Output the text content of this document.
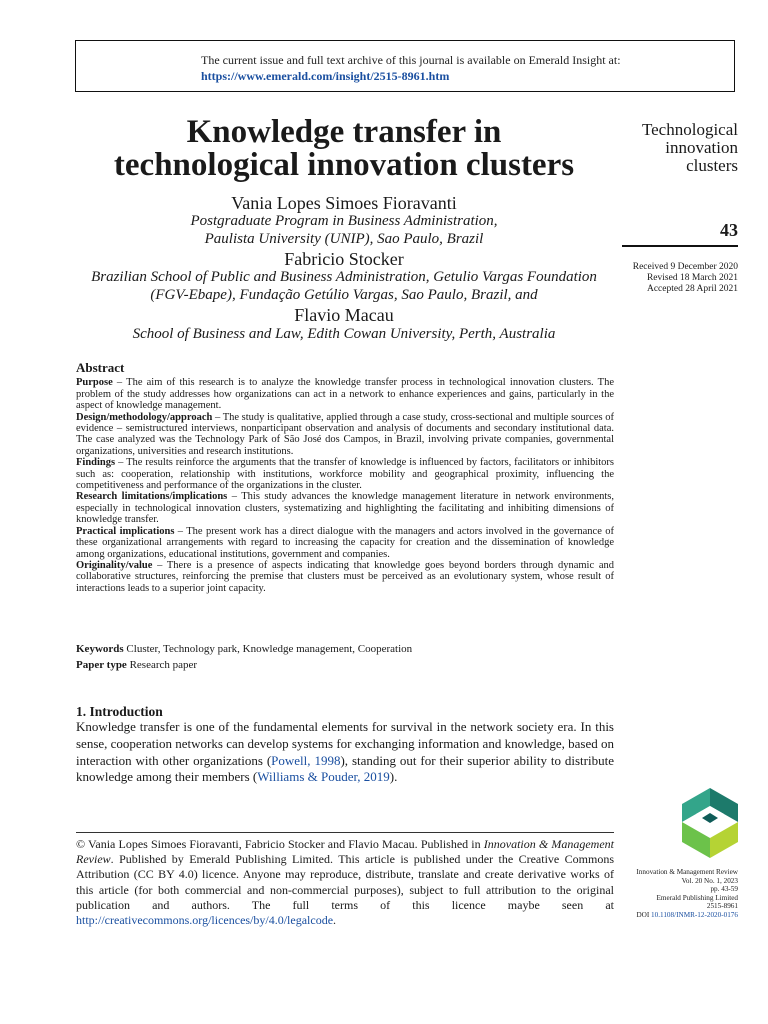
The current issue and full text archive of this journal is available on Emerald Insight at:
https://www.emerald.com/insight/2515-8961.htm
Knowledge transfer in
technological innovation clusters
Vania Lopes Simoes Fioravanti
Postgraduate Program in Business Administration,
Paulista University (UNIP), Sao Paulo, Brazil
Fabricio Stocker
Brazilian School of Public and Business Administration, Getulio Vargas Foundation
(FGV-Ebape), Fundação Getúlio Vargas, Sao Paulo, Brazil, and
Flavio Macau
School of Business and Law, Edith Cowan University, Perth, Australia
Technological
innovation
clusters
43
Received 9 December 2020
Revised 18 March 2021
Accepted 28 April 2021
Abstract

Purpose – The aim of this research is to analyze the knowledge transfer process in technological innovation clusters. The problem of the study addresses how organizations can act in a network to enhance experiences and gains, particularly in the aspect of knowledge management.

Design/methodology/approach – The study is qualitative, applied through a case study, cross-sectional and multiple sources of evidence – semistructured interviews, nonparticipant observation and analysis of documents and secondary institutional data. The case analyzed was the Technology Park of São José dos Campos, in Brazil, involving private companies, governmental organizations, universities and research institutions.

Findings – The results reinforce the arguments that the transfer of knowledge is influenced by factors, facilitators or inhibitors such as: cooperation, relationship with institutions, workforce mobility and geographical proximity, influencing the competitiveness and performance of the organizations in the cluster.

Research limitations/implications – This study advances the knowledge management literature in network environments, especially in technological innovation clusters, systematizing and highlighting the facilitating and inhibiting dimensions of knowledge transfer.

Practical implications – The present work has a direct dialogue with the managers and actors involved in the governance of these organizational arrangements with regard to increasing the capacity for creation and the dissemination of knowledge among organizations, educational institutions, government and companies.

Originality/value – There is a presence of aspects indicating that knowledge goes beyond borders through dynamic and collaborative structures, reinforcing the premise that clusters must be perceived as an evolutionary system, whose result of interactions leads to a superior joint capacity.

Keywords Cluster, Technology park, Knowledge management, Cooperation
Paper type Research paper
1. Introduction

Knowledge transfer is one of the fundamental elements for survival in the network society era. In this sense, cooperation networks can develop systems for exchanging information and knowledge, based on interaction with other organizations (Powell, 1998), standing out for their superior ability to distribute knowledge among their members (Williams & Pouder, 2019).

© Vania Lopes Simoes Fioravanti, Fabricio Stocker and Flavio Macau. Published in Innovation & Management Review. Published by Emerald Publishing Limited. This article is published under the Creative Commons Attribution (CC BY 4.0) licence. Anyone may reproduce, distribute, translate and create derivative works of this article (for both commercial and non-commercial purposes), subject to full attribution to the original publication and authors. The full terms of this licence maybe seen at http://creativecommons.org/licences/by/4.0/legalcode.

Innovation & Management Review
Vol. 20 No. 1, 2023
pp. 43-59
Emerald Publishing Limited
2515-8961
DOI 10.1108/INMR-12-2020-0176
